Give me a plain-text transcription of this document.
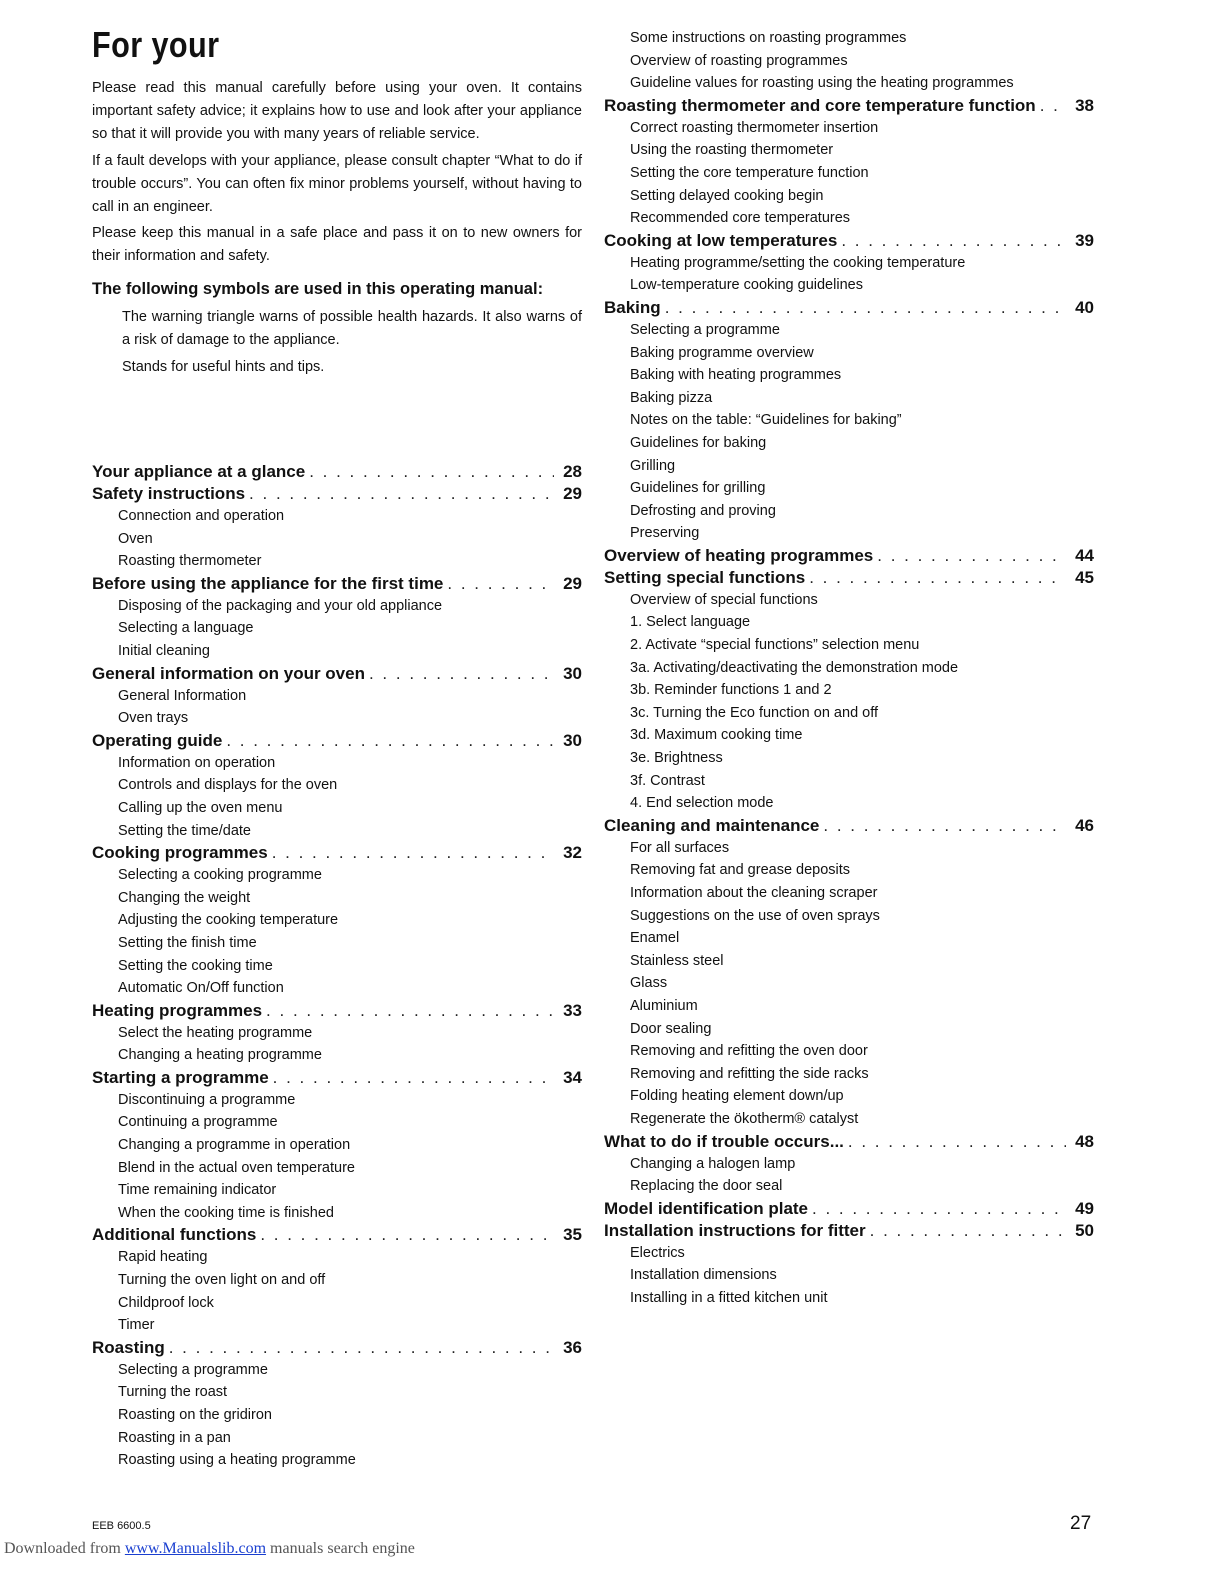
For your
Please read this manual carefully before using your oven. It contains important safety advice; it explains how to use and look after your appliance so that it will provide you with many years of reliable service.
If a fault develops with your appliance, please consult chapter “What to do if trouble occurs”. You can often fix minor problems yourself, without having to call in an engineer.
Please keep this manual in a safe place and pass it on to new owners for their information and safety.
The following symbols are used in this operating manual:
The warning triangle warns of possible health hazards. It also warns of a risk of damage to the appliance.
Stands for useful hints and tips.
Your appliance at a glance . . .	28
Safety instructions . . .	29
Connection and operation
Oven
Roasting thermometer
Before using the appliance for the first time . . .	29
Disposing of the packaging and your old appliance
Selecting a language
Initial cleaning
General information on your oven . . .	30
General Information
Oven trays
Operating guide . . .	30
Information on operation
Controls and displays for the oven
Calling up the oven menu
Setting the time/date
Cooking programmes . . .	32
Selecting a cooking programme
Changing the weight
Adjusting the cooking temperature
Setting the finish time
Setting the cooking time
Automatic On/Off function
Heating programmes . . .	33
Select the heating programme
Changing a heating programme
Starting a programme . . .	34
Discontinuing a programme
Continuing a programme
Changing a programme in operation
Blend in the actual oven temperature
Time remaining indicator
When the cooking time is finished
Additional functions . . .	35
Rapid heating
Turning the oven light on and off
Childproof lock
Timer
Roasting . . .	36
Selecting a programme
Turning the roast
Roasting on the gridiron
Roasting in a pan
Roasting using a heating programme
Some instructions on roasting programmes
Overview of roasting programmes
Guideline values for roasting using the heating programmes
Roasting thermometer and core temperature function . . . 38
Correct roasting thermometer insertion
Using the roasting thermometer
Setting the core temperature function
Setting delayed cooking begin
Recommended core temperatures
Cooking at low temperatures . . .	39
Heating programme/setting the cooking temperature
Low-temperature cooking guidelines
Baking . . .	40
Selecting a programme
Baking programme overview
Baking with heating programmes
Baking pizza
Notes on the table: “Guidelines for baking”
Guidelines for baking
Grilling
Guidelines for grilling
Defrosting and proving
Preserving
Overview of heating programmes . . .	44
Setting special functions . . .	45
Overview of special functions
1. Select language
2. Activate “special functions” selection menu
3a. Activating/deactivating the demonstration mode
3b. Reminder functions 1 and 2
3c. Turning the Eco function on and off
3d. Maximum cooking time
3e. Brightness
3f. Contrast
4. End selection mode
Cleaning and maintenance . . .	46
For all surfaces
Removing fat and grease deposits
Information about the cleaning scraper
Suggestions on the use of oven sprays
Enamel
Stainless steel
Glass
Aluminium
Door sealing
Removing and refitting the oven door
Removing and refitting the side racks
Folding heating element down/up
Regenerate the ökotherm® catalyst
What to do if trouble occurs... . . .	48
Changing a halogen lamp
Replacing the door seal
Model identification plate . . .	49
Installation instructions for fitter . . .	50
Electrics
Installation dimensions
Installing in a fitted kitchen unit
EEB 6600.5	27
Downloaded from www.Manualslib.com manuals search engine
